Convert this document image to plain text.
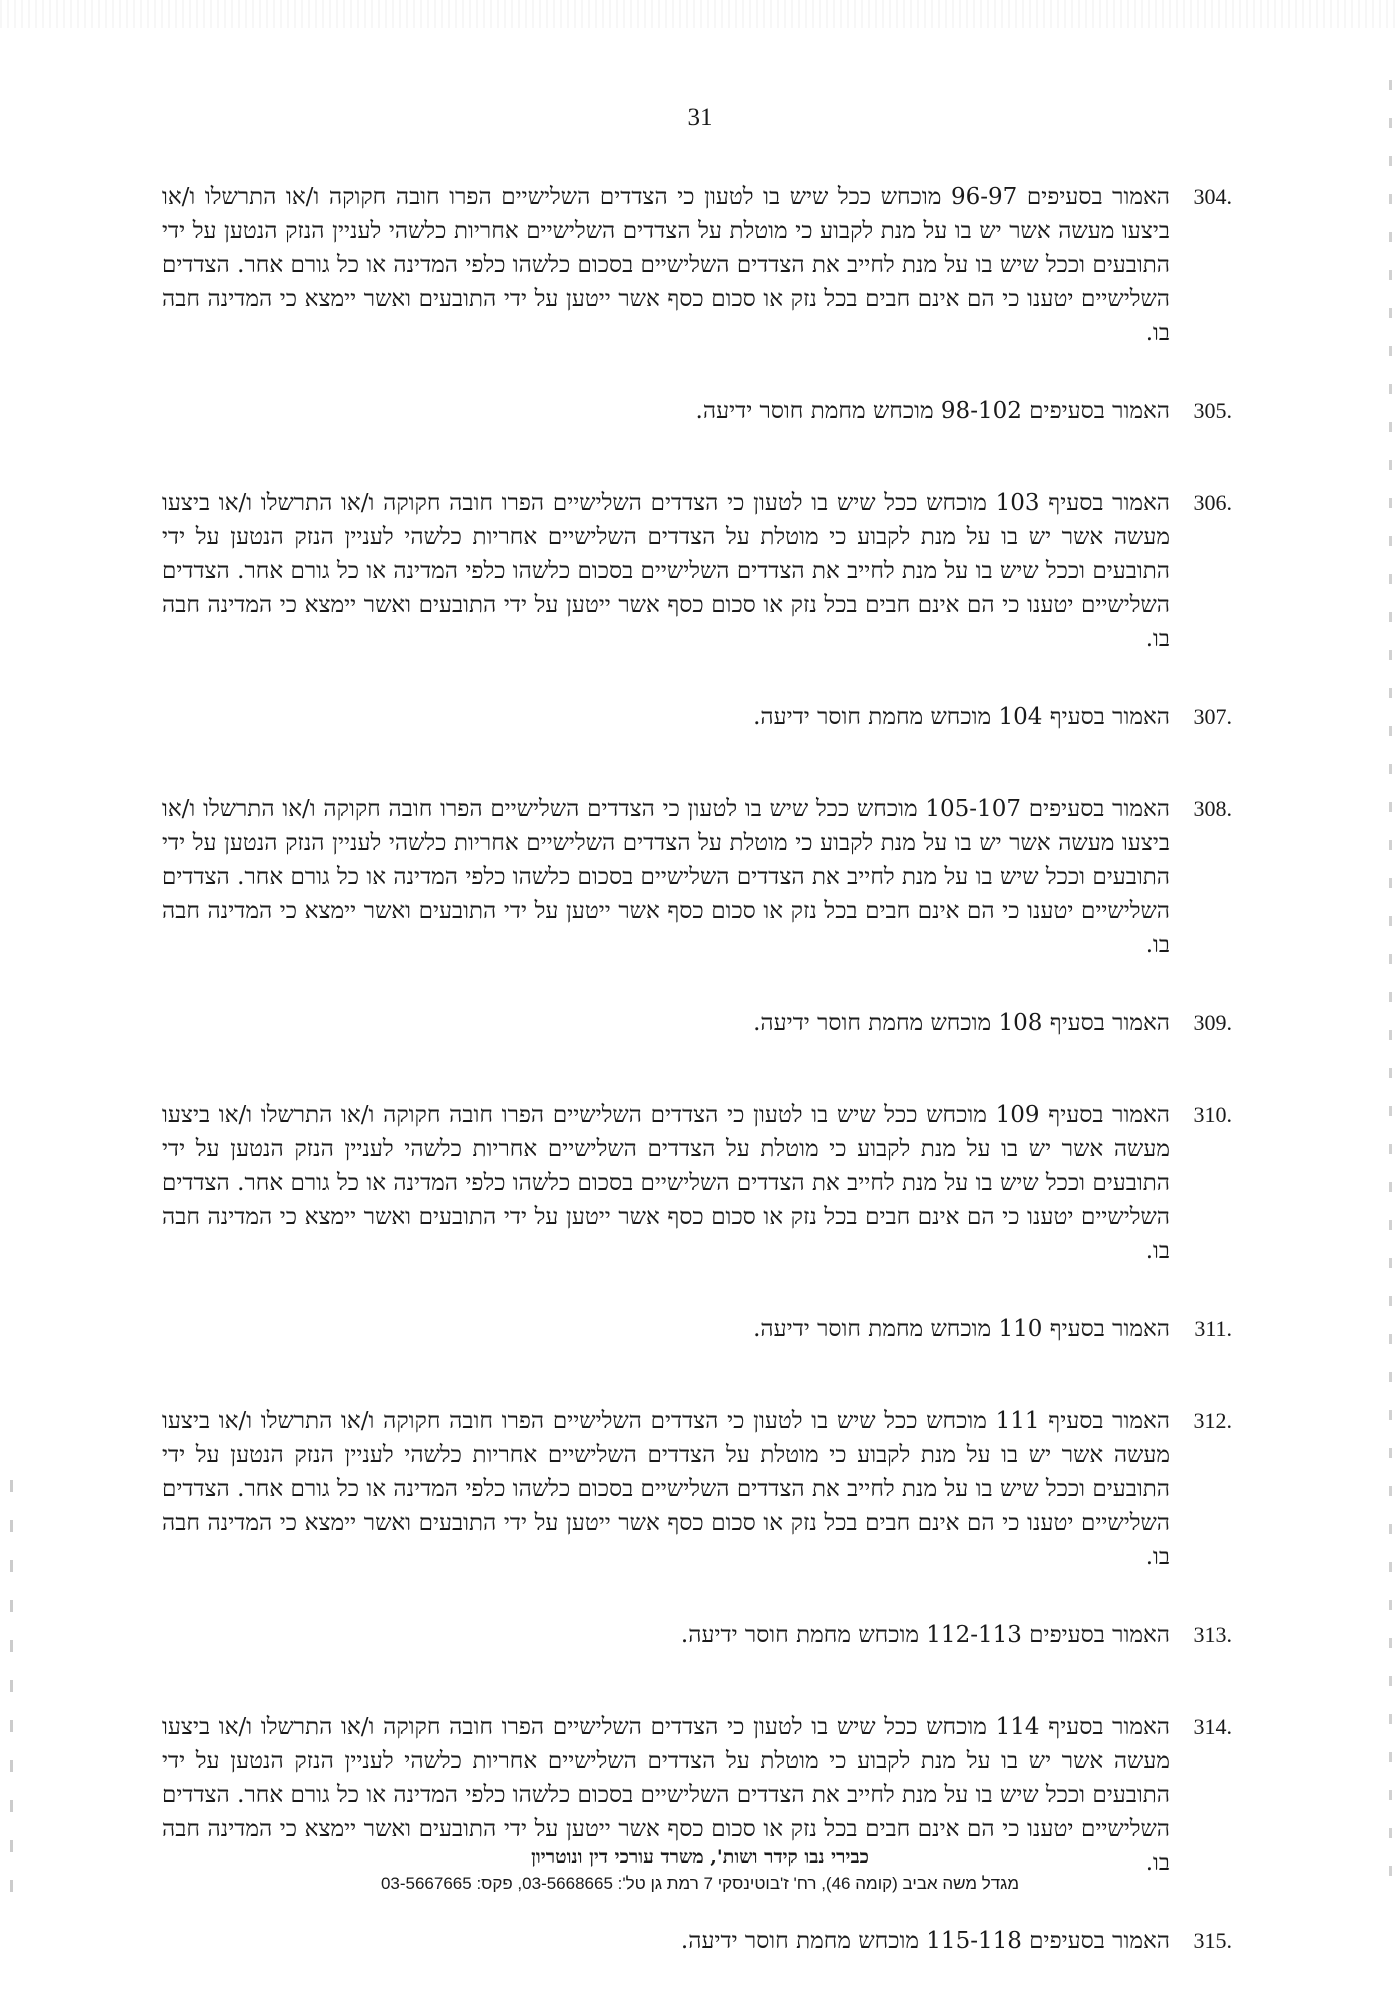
31
.304
האמור בסעיפים 96-97 מוכחש ככל שיש בו לטעון כי הצדדים השלישיים הפרו חובה חקוקה ו/או התרשלו ו/או ביצעו מעשה אשר יש בו על מנת לקבוע כי מוטלת על הצדדים השלישיים אחריות כלשהי לעניין הנזק הנטען על ידי התובעים וככל שיש בו על מנת לחייב את הצדדים השלישיים בסכום כלשהו כלפי המדינה או כל גורם אחר. הצדדים השלישיים יטענו כי הם אינם חבים בכל נזק או סכום כסף אשר ייטען על ידי התובעים ואשר יימצא כי המדינה חבה בו.
.305
האמור בסעיפים 98-102 מוכחש מחמת חוסר ידיעה.
.306
האמור בסעיף 103 מוכחש ככל שיש בו לטעון כי הצדדים השלישיים הפרו חובה חקוקה ו/או התרשלו ו/או ביצעו מעשה אשר יש בו על מנת לקבוע כי מוטלת על הצדדים השלישיים אחריות כלשהי לעניין הנזק הנטען על ידי התובעים וככל שיש בו על מנת לחייב את הצדדים השלישיים בסכום כלשהו כלפי המדינה או כל גורם אחר. הצדדים השלישיים יטענו כי הם אינם חבים בכל נזק או סכום כסף אשר ייטען על ידי התובעים ואשר יימצא כי המדינה חבה בו.
.307
האמור בסעיף 104 מוכחש מחמת חוסר ידיעה.
.308
האמור בסעיפים 105-107 מוכחש ככל שיש בו לטעון כי הצדדים השלישיים הפרו חובה חקוקה ו/או התרשלו ו/או ביצעו מעשה אשר יש בו על מנת לקבוע כי מוטלת על הצדדים השלישיים אחריות כלשהי לעניין הנזק הנטען על ידי התובעים וככל שיש בו על מנת לחייב את הצדדים השלישיים בסכום כלשהו כלפי המדינה או כל גורם אחר. הצדדים השלישיים יטענו כי הם אינם חבים בכל נזק או סכום כסף אשר ייטען על ידי התובעים ואשר יימצא כי המדינה חבה בו.
.309
האמור בסעיף 108 מוכחש מחמת חוסר ידיעה.
.310
האמור בסעיף 109 מוכחש ככל שיש בו לטעון כי הצדדים השלישיים הפרו חובה חקוקה ו/או התרשלו ו/או ביצעו מעשה אשר יש בו על מנת לקבוע כי מוטלת על הצדדים השלישיים אחריות כלשהי לעניין הנזק הנטען על ידי התובעים וככל שיש בו על מנת לחייב את הצדדים השלישיים בסכום כלשהו כלפי המדינה או כל גורם אחר. הצדדים השלישיים יטענו כי הם אינם חבים בכל נזק או סכום כסף אשר ייטען על ידי התובעים ואשר יימצא כי המדינה חבה בו.
.311
האמור בסעיף 110 מוכחש מחמת חוסר ידיעה.
.312
האמור בסעיף 111 מוכחש ככל שיש בו לטעון כי הצדדים השלישיים הפרו חובה חקוקה ו/או התרשלו ו/או ביצעו מעשה אשר יש בו על מנת לקבוע כי מוטלת על הצדדים השלישיים אחריות כלשהי לעניין הנזק הנטען על ידי התובעים וככל שיש בו על מנת לחייב את הצדדים השלישיים בסכום כלשהו כלפי המדינה או כל גורם אחר. הצדדים השלישיים יטענו כי הם אינם חבים בכל נזק או סכום כסף אשר ייטען על ידי התובעים ואשר יימצא כי המדינה חבה בו.
.313
האמור בסעיפים 112-113 מוכחש מחמת חוסר ידיעה.
.314
האמור בסעיף 114 מוכחש ככל שיש בו לטעון כי הצדדים השלישיים הפרו חובה חקוקה ו/או התרשלו ו/או ביצעו מעשה אשר יש בו על מנת לקבוע כי מוטלת על הצדדים השלישיים אחריות כלשהי לעניין הנזק הנטען על ידי התובעים וככל שיש בו על מנת לחייב את הצדדים השלישיים בסכום כלשהו כלפי המדינה או כל גורם אחר. הצדדים השלישיים יטענו כי הם אינם חבים בכל נזק או סכום כסף אשר ייטען על ידי התובעים ואשר יימצא כי המדינה חבה בו.
.315
האמור בסעיפים 115-118 מוכחש מחמת חוסר ידיעה.
כבירי נבו קידר ושות', משרד עורכי דין ונוטריון
מגדל משה אביב (קומה 46), רח' ז'בוטינסקי 7 רמת גן טל': 03-5668665, פקס: 03-5667665
